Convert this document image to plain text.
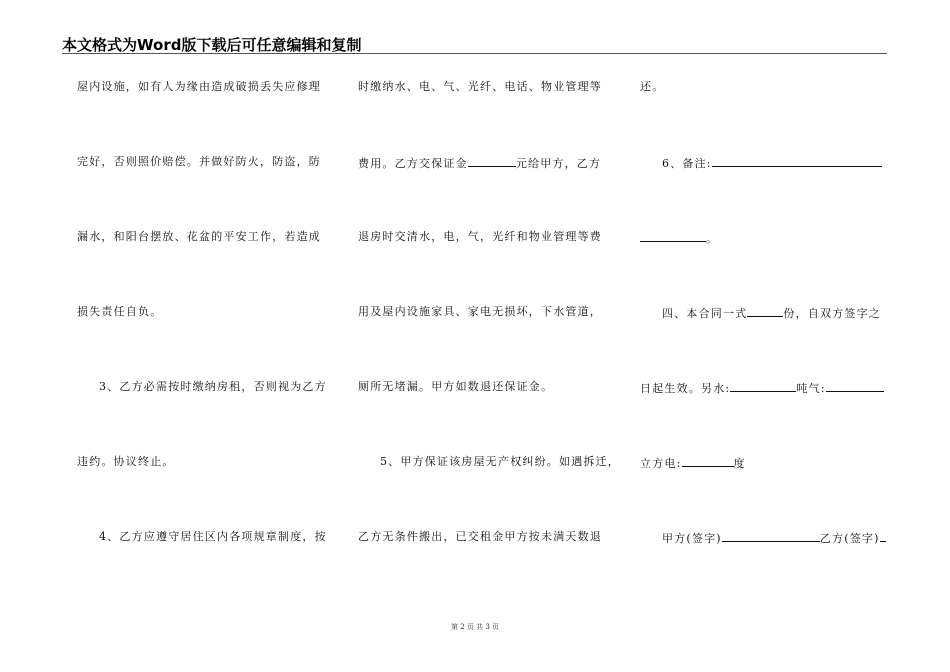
本文格式为Word版下载后可任意编辑和复制
屋内设施，如有人为缘由造成破损丢失应修理
完好，否则照价赔偿。并做好防火，防盗，防
漏水，和阳台摆放、花盆的平安工作，若造成
损失责任自负。
3、乙方必需按时缴纳房租，否则视为乙方
违约。协议终止。
4、乙方应遵守居住区内各项规章制度，按
时缴纳水、电、气、光纤、电话、物业管理等
费用。乙方交保证金	元给甲方，乙方
退房时交清水，电，气，光纤和物业管理等费
用及屋内设施家具、家电无损坏，下水管道，
厕所无堵漏。甲方如数退还保证金。
5、甲方保证该房屋无产权纠纷。如遇拆迁，
乙方无条件搬出，已交租金甲方按未满天数退
还。
6、备注:
。
四、本合同一式	份，自双方签字之
日起生效。另水:	吨气:
立方电:	度
甲方(签字)	乙方(签字)
第 2 页 共 3 页
